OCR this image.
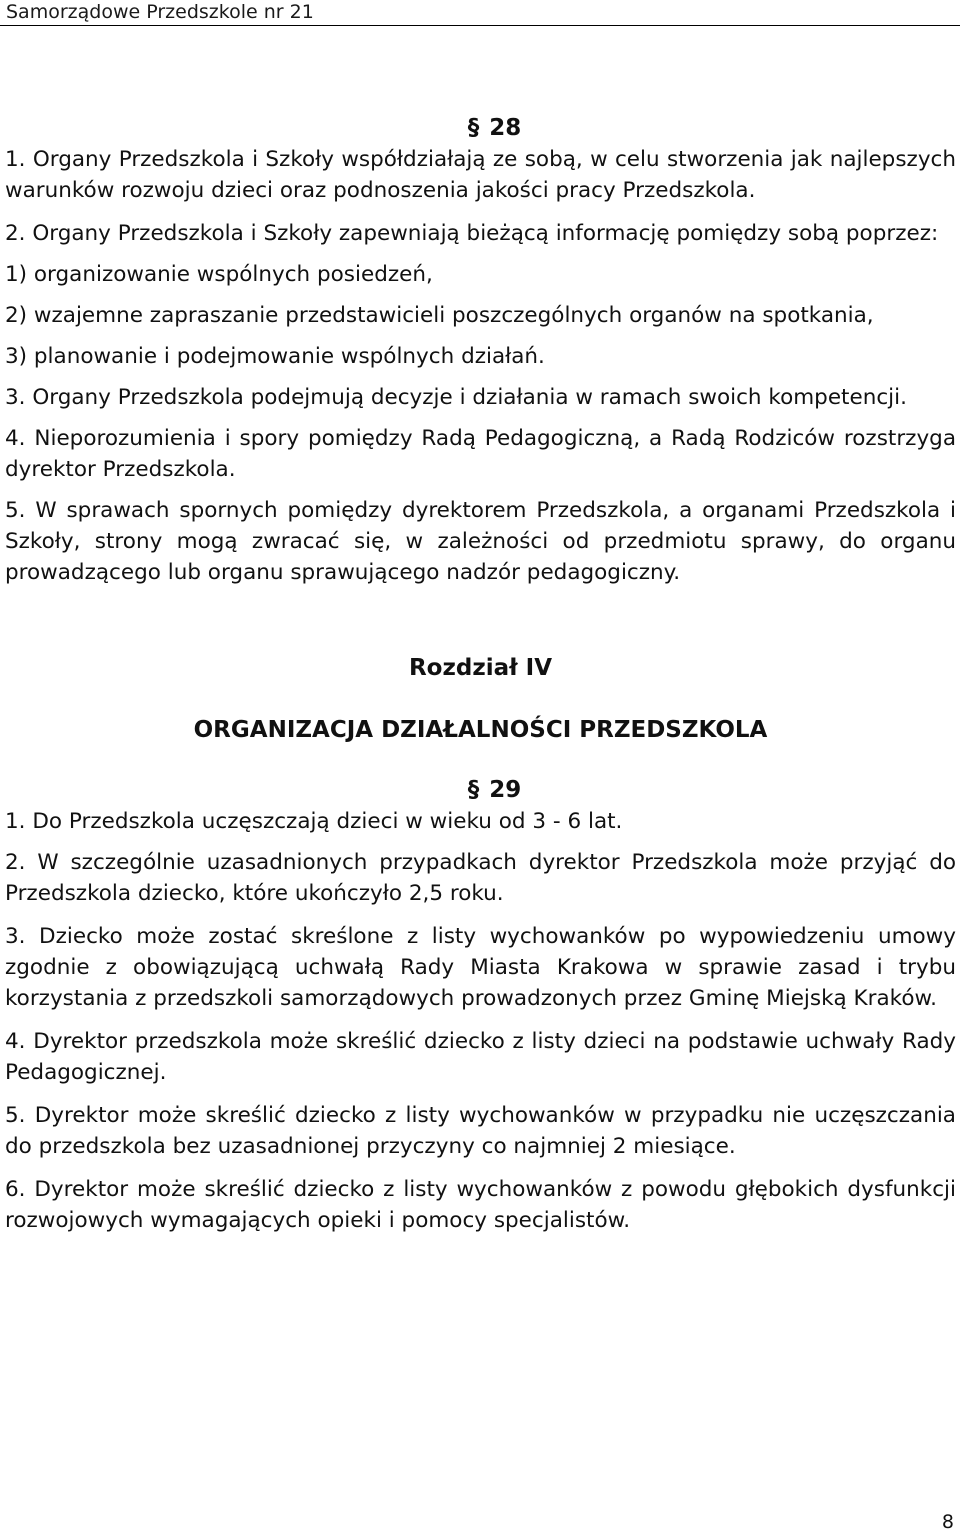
Samorządowe Przedszkole nr 21
§ 28

1. Organy Przedszkola i Szkoły współdziałają ze sobą, w celu stworzenia jak najlepszych warunków rozwoju dzieci oraz podnoszenia jakości pracy Przedszkola.

2. Organy Przedszkola i Szkoły zapewniają bieżącą informację pomiędzy sobą poprzez:

1) organizowanie wspólnych posiedzeń,

2) wzajemne zapraszanie przedstawicieli poszczególnych organów na spotkania,

3) planowanie i podejmowanie wspólnych działań.

3. Organy Przedszkola podejmują decyzje i działania w ramach swoich kompetencji.

4. Nieporozumienia i spory pomiędzy Radą Pedagogiczną, a Radą Rodziców rozstrzyga dyrektor Przedszkola.

5. W sprawach spornych pomiędzy dyrektorem Przedszkola, a organami Przedszkola i Szkoły, strony mogą zwracać się, w zależności od przedmiotu sprawy, do organu prowadzącego lub organu sprawującego nadzór pedagogiczny.

Rozdział IV
ORGANIZACJA DZIAŁALNOŚCI PRZEDSZKOLA
§ 29

1. Do Przedszkola uczęszczają dzieci w wieku od 3 - 6 lat.

2. W szczególnie uzasadnionych przypadkach dyrektor Przedszkola może przyjąć do Przedszkola dziecko, które ukończyło 2,5 roku.

3. Dziecko może zostać skreślone z listy wychowanków po wypowiedzeniu umowy zgodnie z obowiązującą uchwałą Rady Miasta Krakowa w sprawie zasad i trybu korzystania z przedszkoli samorządowych prowadzonych przez Gminę Miejską Kraków.

4. Dyrektor przedszkola może skreślić dziecko z listy dzieci na podstawie uchwały Rady Pedagogicznej.

5. Dyrektor może skreślić dziecko z listy wychowanków w przypadku nie uczęszczania do przedszkola bez uzasadnionej przyczyny co najmniej 2 miesiące.

6. Dyrektor może skreślić dziecko z listy wychowanków z powodu głębokich dysfunkcji rozwojowych wymagających opieki i pomocy specjalistów.

8
